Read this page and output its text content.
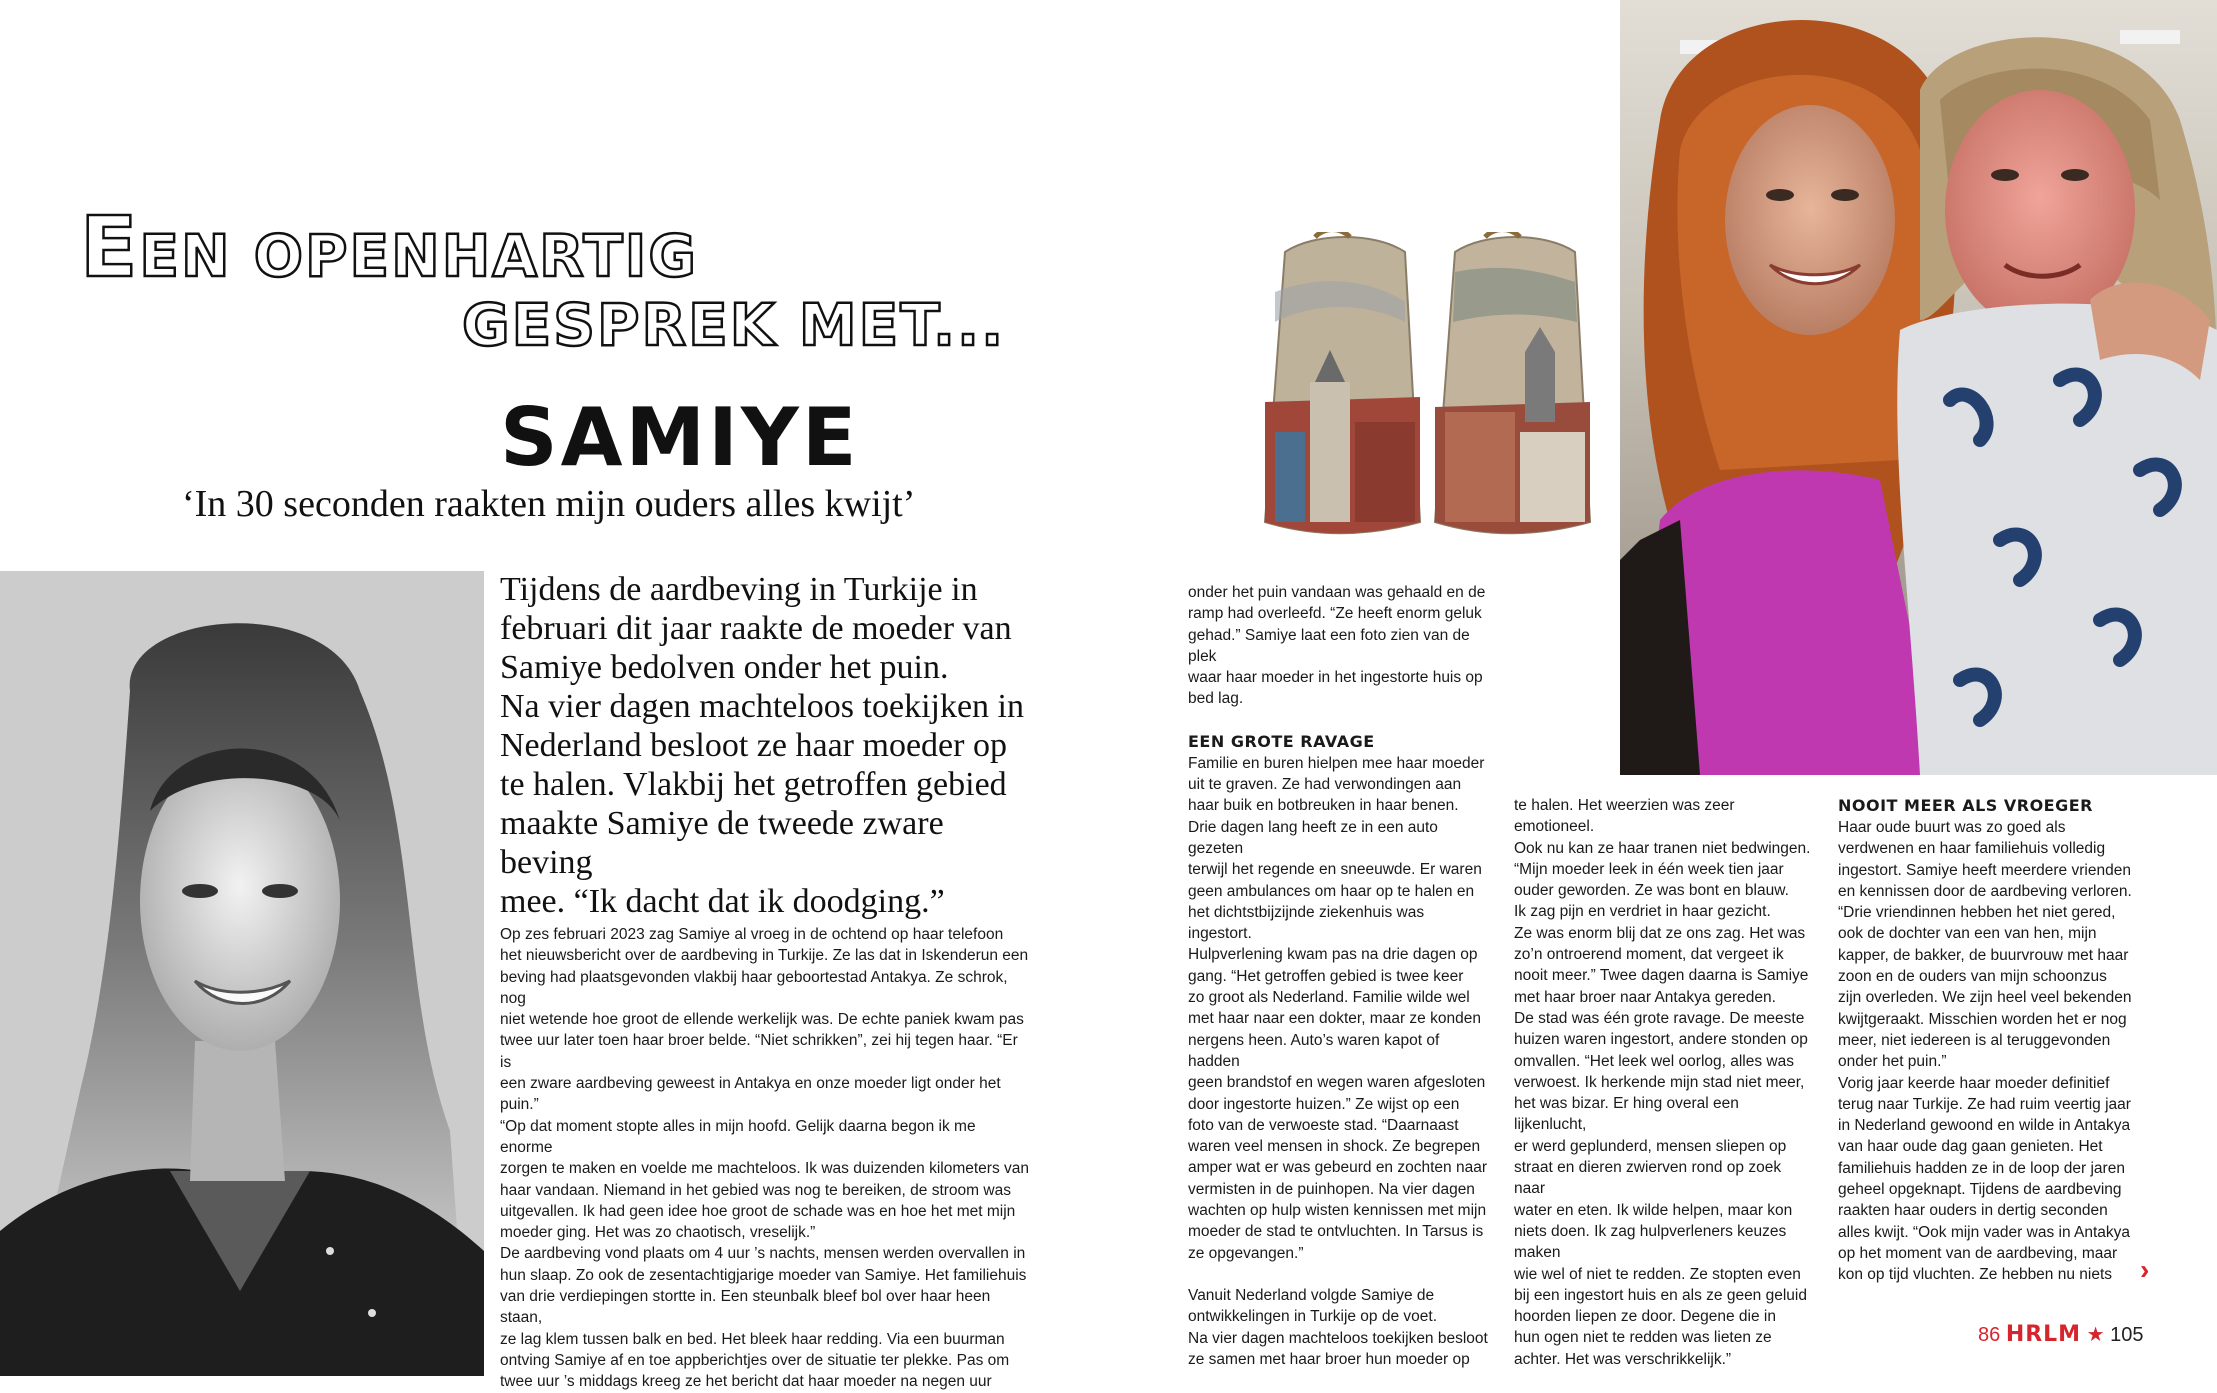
EEN OPENHARTIG
GESPREK MET...
SAMIYE
‘In 30 seconden raakten mijn ouders alles kwijt’
Tijdens de aardbeving in Turkije in
februari dit jaar raakte de moeder van
Samiye bedolven onder het puin.
Na vier dagen machteloos toekijken in
Nederland besloot ze haar moeder op
te halen. Vlakbij het getroffen gebied
maakte Samiye de tweede zware beving
mee. “Ik dacht dat ik doodging.”

Op zes februari 2023 zag Samiye al vroeg in de ochtend op haar telefoon

het nieuwsbericht over de aardbeving in Turkije. Ze las dat in Iskenderun een

beving had plaatsgevonden vlakbij haar geboortestad Antakya. Ze schrok, nog

niet wetende hoe groot de ellende werkelijk was. De echte paniek kwam pas

twee uur later toen haar broer belde. “Niet schrikken”, zei hij tegen haar. “Er is

een zware aardbeving geweest in Antakya en onze moeder ligt onder het puin.”

“Op dat moment stopte alles in mijn hoofd. Gelijk daarna begon ik me enorme

zorgen te maken en voelde me machteloos. Ik was duizenden kilometers van

haar vandaan. Niemand in het gebied was nog te bereiken, de stroom was

uitgevallen. Ik had geen idee hoe groot de schade was en hoe het met mijn

moeder ging. Het was zo chaotisch, vreselijk.”

De aardbeving vond plaats om 4 uur ’s nachts, mensen werden overvallen in

hun slaap. Zo ook de zesentachtigjarige moeder van Samiye. Het familiehuis

van drie verdiepingen stortte in. Een steunbalk bleef bol over haar heen staan,

ze lag klem tussen balk en bed. Het bleek haar redding. Via een buurman

ontving Samiye af en toe appberichtjes over de situatie ter plekke. Pas om

twee uur ’s middags kreeg ze het bericht dat haar moeder na negen uur

onder het puin vandaan was gehaald en de

ramp had overleefd. “Ze heeft enorm geluk

gehad.” Samiye laat een foto zien van de plek

waar haar moeder in het ingestorte huis op

bed lag.

EEN GROTE RAVAGE

Familie en buren hielpen mee haar moeder

uit te graven. Ze had verwondingen aan

haar buik en botbreuken in haar benen.

Drie dagen lang heeft ze in een auto gezeten

terwijl het regende en sneeuwde. Er waren

geen ambulances om haar op te halen en

het dichtstbijzijnde ziekenhuis was ingestort.

Hulpverlening kwam pas na drie dagen op

gang. “Het getroffen gebied is twee keer

zo groot als Nederland. Familie wilde wel

met haar naar een dokter, maar ze konden

nergens heen. Auto’s waren kapot of hadden

geen brandstof en wegen waren afgesloten

door ingestorte huizen.” Ze wijst op een

foto van de verwoeste stad. “Daarnaast

waren veel mensen in shock. Ze begrepen

amper wat er was gebeurd en zochten naar

vermisten in de puinhopen. Na vier dagen

wachten op hulp wisten kennissen met mijn

moeder de stad te ontvluchten. In Tarsus is

ze opgevangen.”

Vanuit Nederland volgde Samiye de

ontwikkelingen in Turkije op de voet.

Na vier dagen machteloos toekijken besloot

ze samen met haar broer hun moeder op

te halen. Het weerzien was zeer emotioneel.

Ook nu kan ze haar tranen niet bedwingen.

“Mijn moeder leek in één week tien jaar

ouder geworden. Ze was bont en blauw.

Ik zag pijn en verdriet in haar gezicht.

Ze was enorm blij dat ze ons zag. Het was

zo’n ontroerend moment, dat vergeet ik

nooit meer.” Twee dagen daarna is Samiye

met haar broer naar Antakya gereden.

De stad was één grote ravage. De meeste

huizen waren ingestort, andere stonden op

omvallen. “Het leek wel oorlog, alles was

verwoest. Ik herkende mijn stad niet meer,

het was bizar. Er hing overal een lijkenlucht,

er werd geplunderd, mensen sliepen op

straat en dieren zwierven rond op zoek naar

water en eten. Ik wilde helpen, maar kon

niets doen. Ik zag hulpverleners keuzes maken

wie wel of niet te redden. Ze stopten even

bij een ingestort huis en als ze geen geluid

hoorden liepen ze door. Degene die in

hun ogen niet te redden was lieten ze

achter. Het was verschrikkelijk.”

NOOIT MEER ALS VROEGER

Haar oude buurt was zo goed als

verdwenen en haar familiehuis volledig

ingestort. Samiye heeft meerdere vrienden

en kennissen door de aardbeving verloren.

“Drie vriendinnen hebben het niet gered,

ook de dochter van een van hen, mijn

kapper, de bakker, de buurvrouw met haar

zoon en de ouders van mijn schoonzus

zijn overleden. We zijn heel veel bekenden

kwijtgeraakt. Misschien worden het er nog

meer, niet iedereen is al teruggevonden

onder het puin.”

Vorig jaar keerde haar moeder definitief

terug naar Turkije. Ze had ruim veertig jaar

in Nederland gewoond en wilde in Antakya

van haar oude dag gaan genieten. Het

familiehuis hadden ze in de loop der jaren

geheel opgeknapt. Tijdens de aardbeving

raakten haar ouders in dertig seconden

alles kwijt. “Ook mijn vader was in Antakya

op het moment van de aardbeving, maar

kon op tijd vluchten. Ze hebben nu niets ›
86 HRLM ★ 105
